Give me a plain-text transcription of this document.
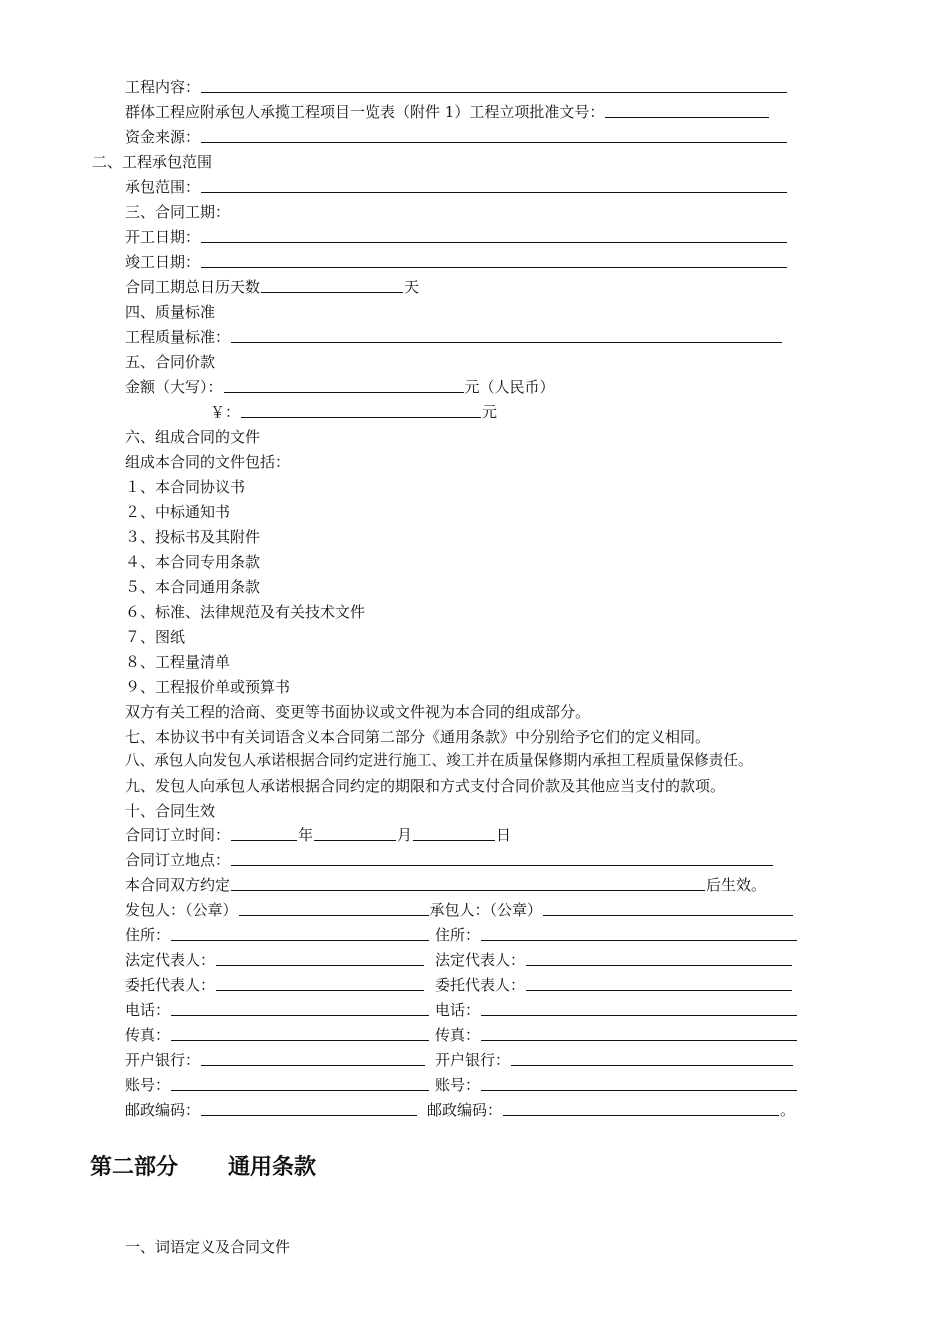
工程内容：
群体工程应附承包人承揽工程项目一览表（附件 1）工程立项批准文号：
资金来源：
二、工程承包范围
承包范围：
三、合同工期：
开工日期：
竣工日期：
合同工期总日历天数	天
四、质量标准
工程质量标准：
五、合同价款
金额（大写）：	元（人民币）
￥：	元
六、组成合同的文件
组成本合同的文件包括：
１、本合同协议书
２、中标通知书
３、投标书及其附件
４、本合同专用条款
５、本合同通用条款
６、标准、法律规范及有关技术文件
７、图纸
８、工程量清单
９、工程报价单或预算书
双方有关工程的洽商、变更等书面协议或文件视为本合同的组成部分。
七、本协议书中有关词语含义本合同第二部分《通用条款》中分别给予它们的定义相同。
八、承包人向发包人承诺根据合同约定进行施工、竣工并在质量保修期内承担工程质量保修责任。
九、发包人向承包人承诺根据合同约定的期限和方式支付合同价款及其他应当支付的款项。
十、合同生效
合同订立时间：	年	月	日
合同订立地点：
本合同双方约定	后生效。
发包人：（公章）	承包人：（公章）
住所：	住所：
法定代表人：	法定代表人：
委托代表人：	委托代表人：
电话：	电话：
传真：	传真：
开户银行：	开户银行：
账号：	账号：
邮政编码：	邮政编码：	。
第二部分 通用条款
一、词语定义及合同文件
